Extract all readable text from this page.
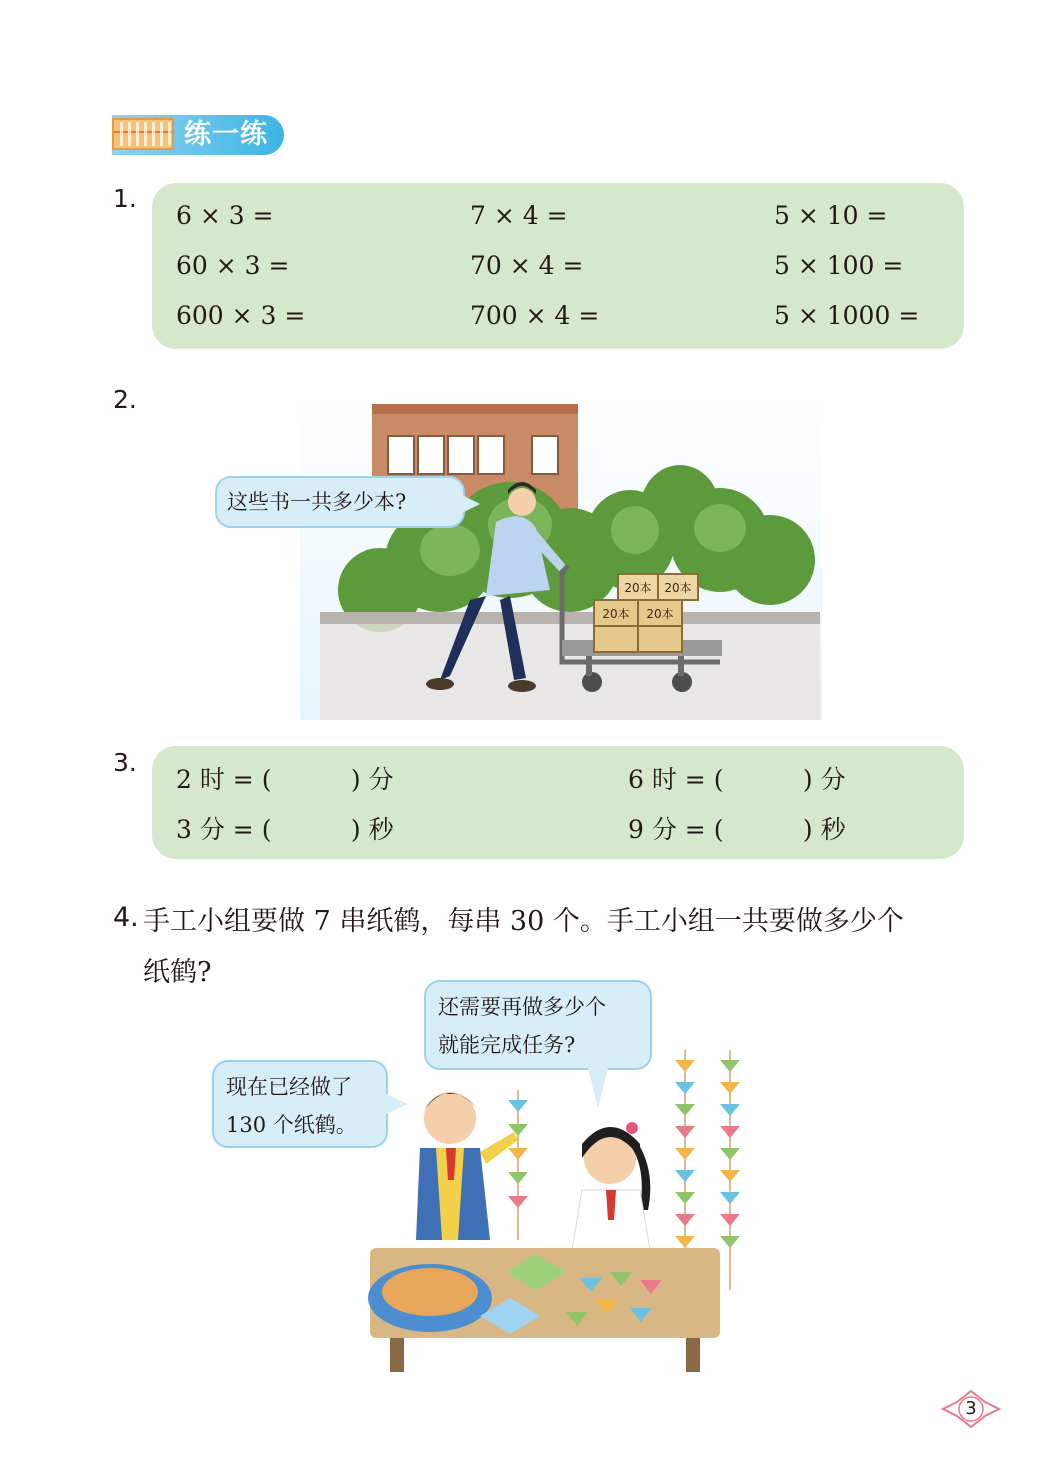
练一练
1.
6 × 3 =	7 × 4 =	5 × 10 =
60 × 3 =	70 × 4 =	5 × 100 =
600 × 3 =	700 × 4 =	5 × 1000 =
2.
20本 20本
20本 20本
这些书一共多少本?
3.
2 时 = (          ) 分	6 时 = (          ) 分
3 分 = (          ) 秒	9 分 = (          ) 秒
4. 手工小组要做 7 串纸鹤，每串 30 个。手工小组一共要做多少个
纸鹤?
还需要再做多少个
就能完成任务?
现在已经做了
130 个纸鹤。
3
